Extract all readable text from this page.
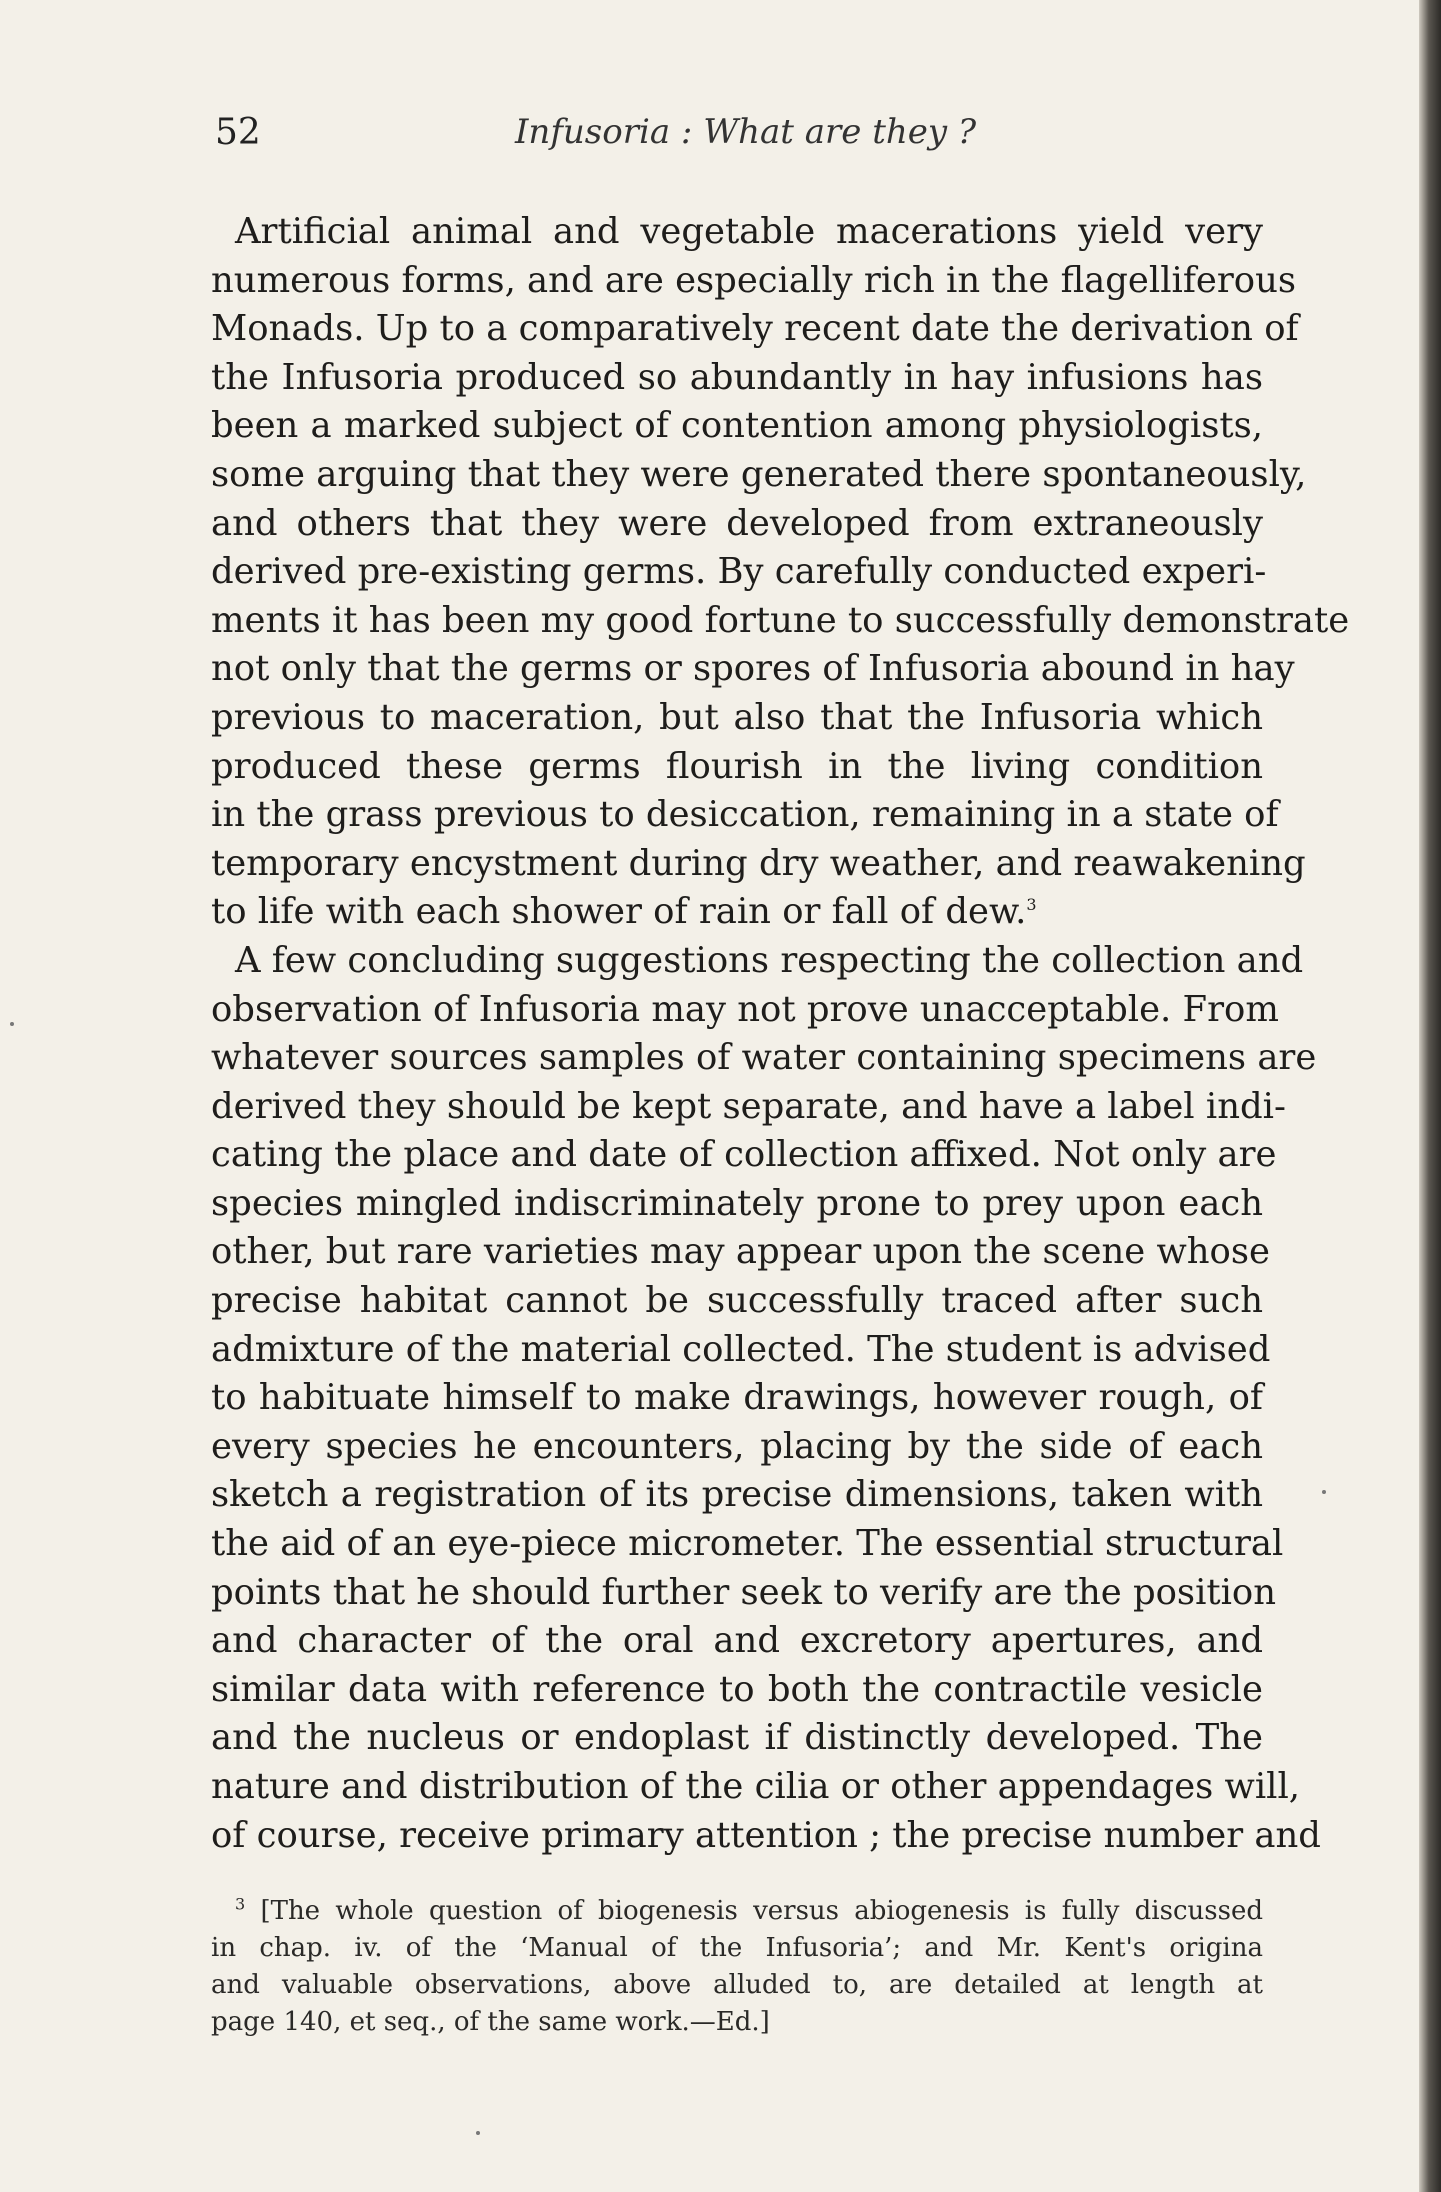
52	Infusoria : What are they ?
Artificial animal and vegetable macerations yield very
numerous forms, and are especially rich in the flagelliferous
Monads. Up to a comparatively recent date the derivation of
the Infusoria produced so abundantly in hay infusions has
been a marked subject of contention among physiologists,
some arguing that they were generated there spontaneously,
and others that they were developed from extraneously
derived pre-existing germs. By carefully conducted experi-
ments it has been my good fortune to successfully demonstrate
not only that the germs or spores of Infusoria abound in hay
previous to maceration, but also that the Infusoria which
produced these germs flourish in the living condition
in the grass previous to desiccation, remaining in a state of
temporary encystment during dry weather, and reawakening
to life with each shower of rain or fall of dew.$^3$
A few concluding suggestions respecting the collection and
observation of Infusoria may not prove unacceptable. From
whatever sources samples of water containing specimens are
derived they should be kept separate, and have a label indi-
cating the place and date of collection affixed. Not only are
species mingled indiscriminately prone to prey upon each
other, but rare varieties may appear upon the scene whose
precise habitat cannot be successfully traced after such
admixture of the material collected. The student is advised
to habituate himself to make drawings, however rough, of
every species he encounters, placing by the side of each
sketch a registration of its precise dimensions, taken with
the aid of an eye-piece micrometer. The essential structural
points that he should further seek to verify are the position
and character of the oral and excretory apertures, and
similar data with reference to both the contractile vesicle
and the nucleus or endoplast if distinctly developed. The
nature and distribution of the cilia or other appendages will,
of course, receive primary attention ; the precise number and
$^3$ [The whole question of biogenesis versus abiogenesis is fully discussed
in chap. iv. of the ‘Manual of the Infusoria’; and Mr. Kent's origina
and valuable observations, above alluded to, are detailed at length at
page 140, et seq., of the same work.—Ed.]
